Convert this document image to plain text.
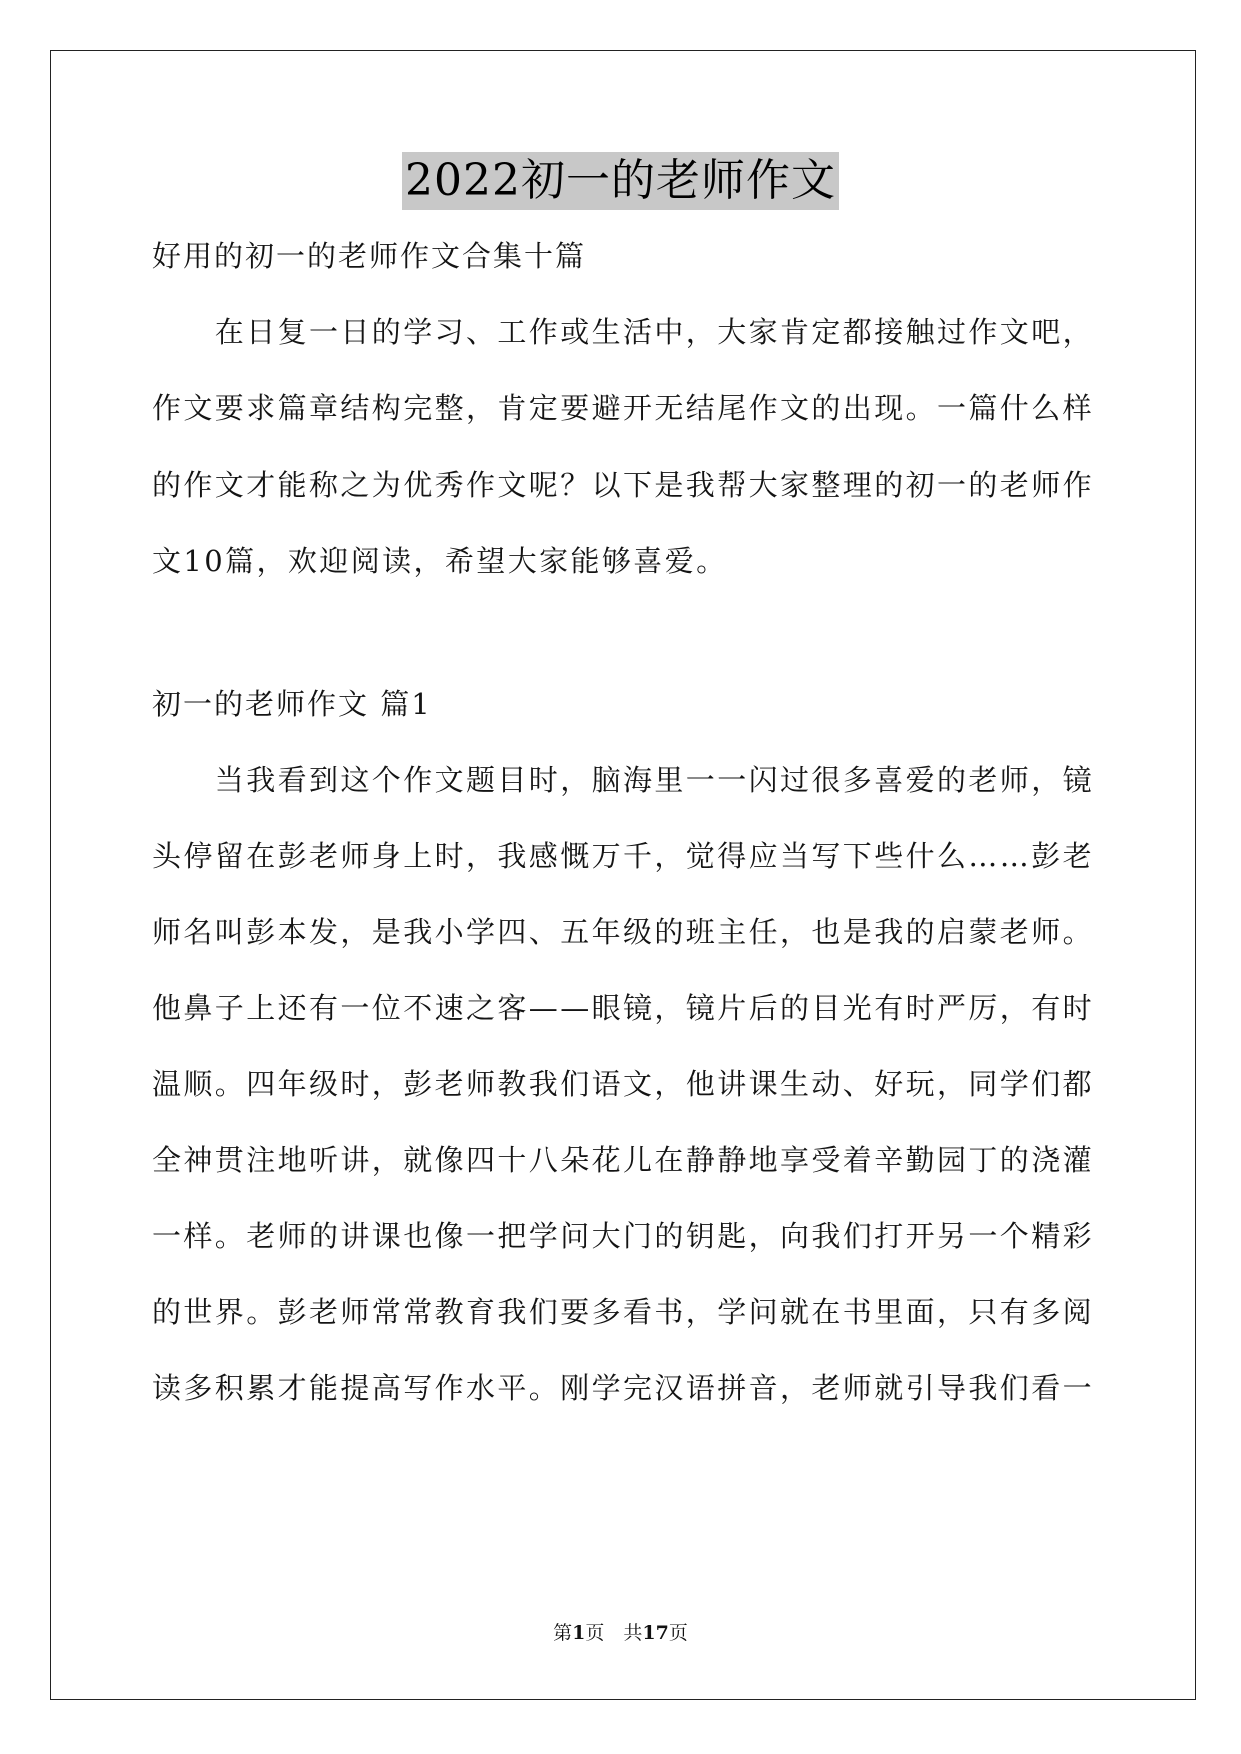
2022初一的老师作文
好用的初一的老师作文合集十篇
　　在日复一日的学习、工作或生活中，大家肯定都接触过作文吧，
作文要求篇章结构完整，肯定要避开无结尾作文的出现。一篇什么样
的作文才能称之为优秀作文呢？以下是我帮大家整理的初一的老师作
文10篇，欢迎阅读，希望大家能够喜爱。
初一的老师作文 篇1
　　当我看到这个作文题目时，脑海里一一闪过很多喜爱的老师，镜
头停留在彭老师身上时，我感慨万千，觉得应当写下些什么……彭老
师名叫彭本发，是我小学四、五年级的班主任，也是我的启蒙老师。
他鼻子上还有一位不速之客——眼镜，镜片后的目光有时严厉，有时
温顺。四年级时，彭老师教我们语文，他讲课生动、好玩，同学们都
全神贯注地听讲，就像四十八朵花儿在静静地享受着辛勤园丁的浇灌
一样。老师的讲课也像一把学问大门的钥匙，向我们打开另一个精彩
的世界。彭老师常常教育我们要多看书，学问就在书里面，只有多阅
读多积累才能提高写作水平。刚学完汉语拼音，老师就引导我们看一
第1页　共17页
